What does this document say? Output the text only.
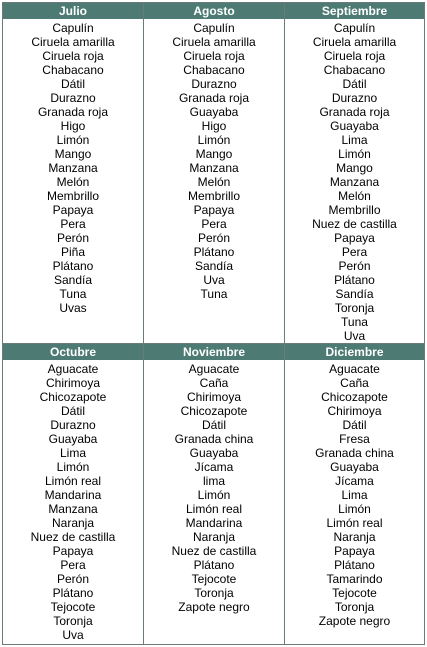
Julio
Capulín
Ciruela amarilla
Ciruela roja
Chabacano
Dátil
Durazno
Granada roja
Higo
Limón
Mango
Manzana
Melón
Membrillo
Papaya
Pera
Perón
Piña
Plátano
Sandía
Tuna
Uvas
Agosto
Capulín
Ciruela amarilla
Ciruela roja
Chabacano
Durazno
Granada roja
Guayaba
Higo
Limón
Mango
Manzana
Melón
Membrillo
Papaya
Pera
Perón
Plátano
Sandía
Uva
Tuna
Septiembre
Capulín
Ciruela amarilla
Ciruela roja
Chabacano
Dátil
Durazno
Granada roja
Guayaba
Lima
Limón
Mango
Manzana
Melón
Membrillo
Nuez de castilla
Papaya
Pera
Perón
Plátano
Sandía
Toronja
Tuna
Uva
Octubre
Aguacate
Chirimoya
Chicozapote
Dátil
Durazno
Guayaba
Lima
Limón
Limón real
Mandarina
Manzana
Naranja
Nuez de castilla
Papaya
Pera
Perón
Plátano
Tejocote
Toronja
Uva
Noviembre
Aguacate
Caña
Chirimoya
Chicozapote
Dátil
Granada china
Guayaba
Jícama
lima
Limón
Limón real
Mandarina
Naranja
Nuez de castilla
Plátano
Tejocote
Toronja
Zapote negro
Diciembre
Aguacate
Caña
Chicozapote
Chirimoya
Dátil
Fresa
Granada china
Guayaba
Jícama
Lima
Limón
Limón real
Naranja
Papaya
Plátano
Tamarindo
Tejocote
Toronja
Zapote negro
